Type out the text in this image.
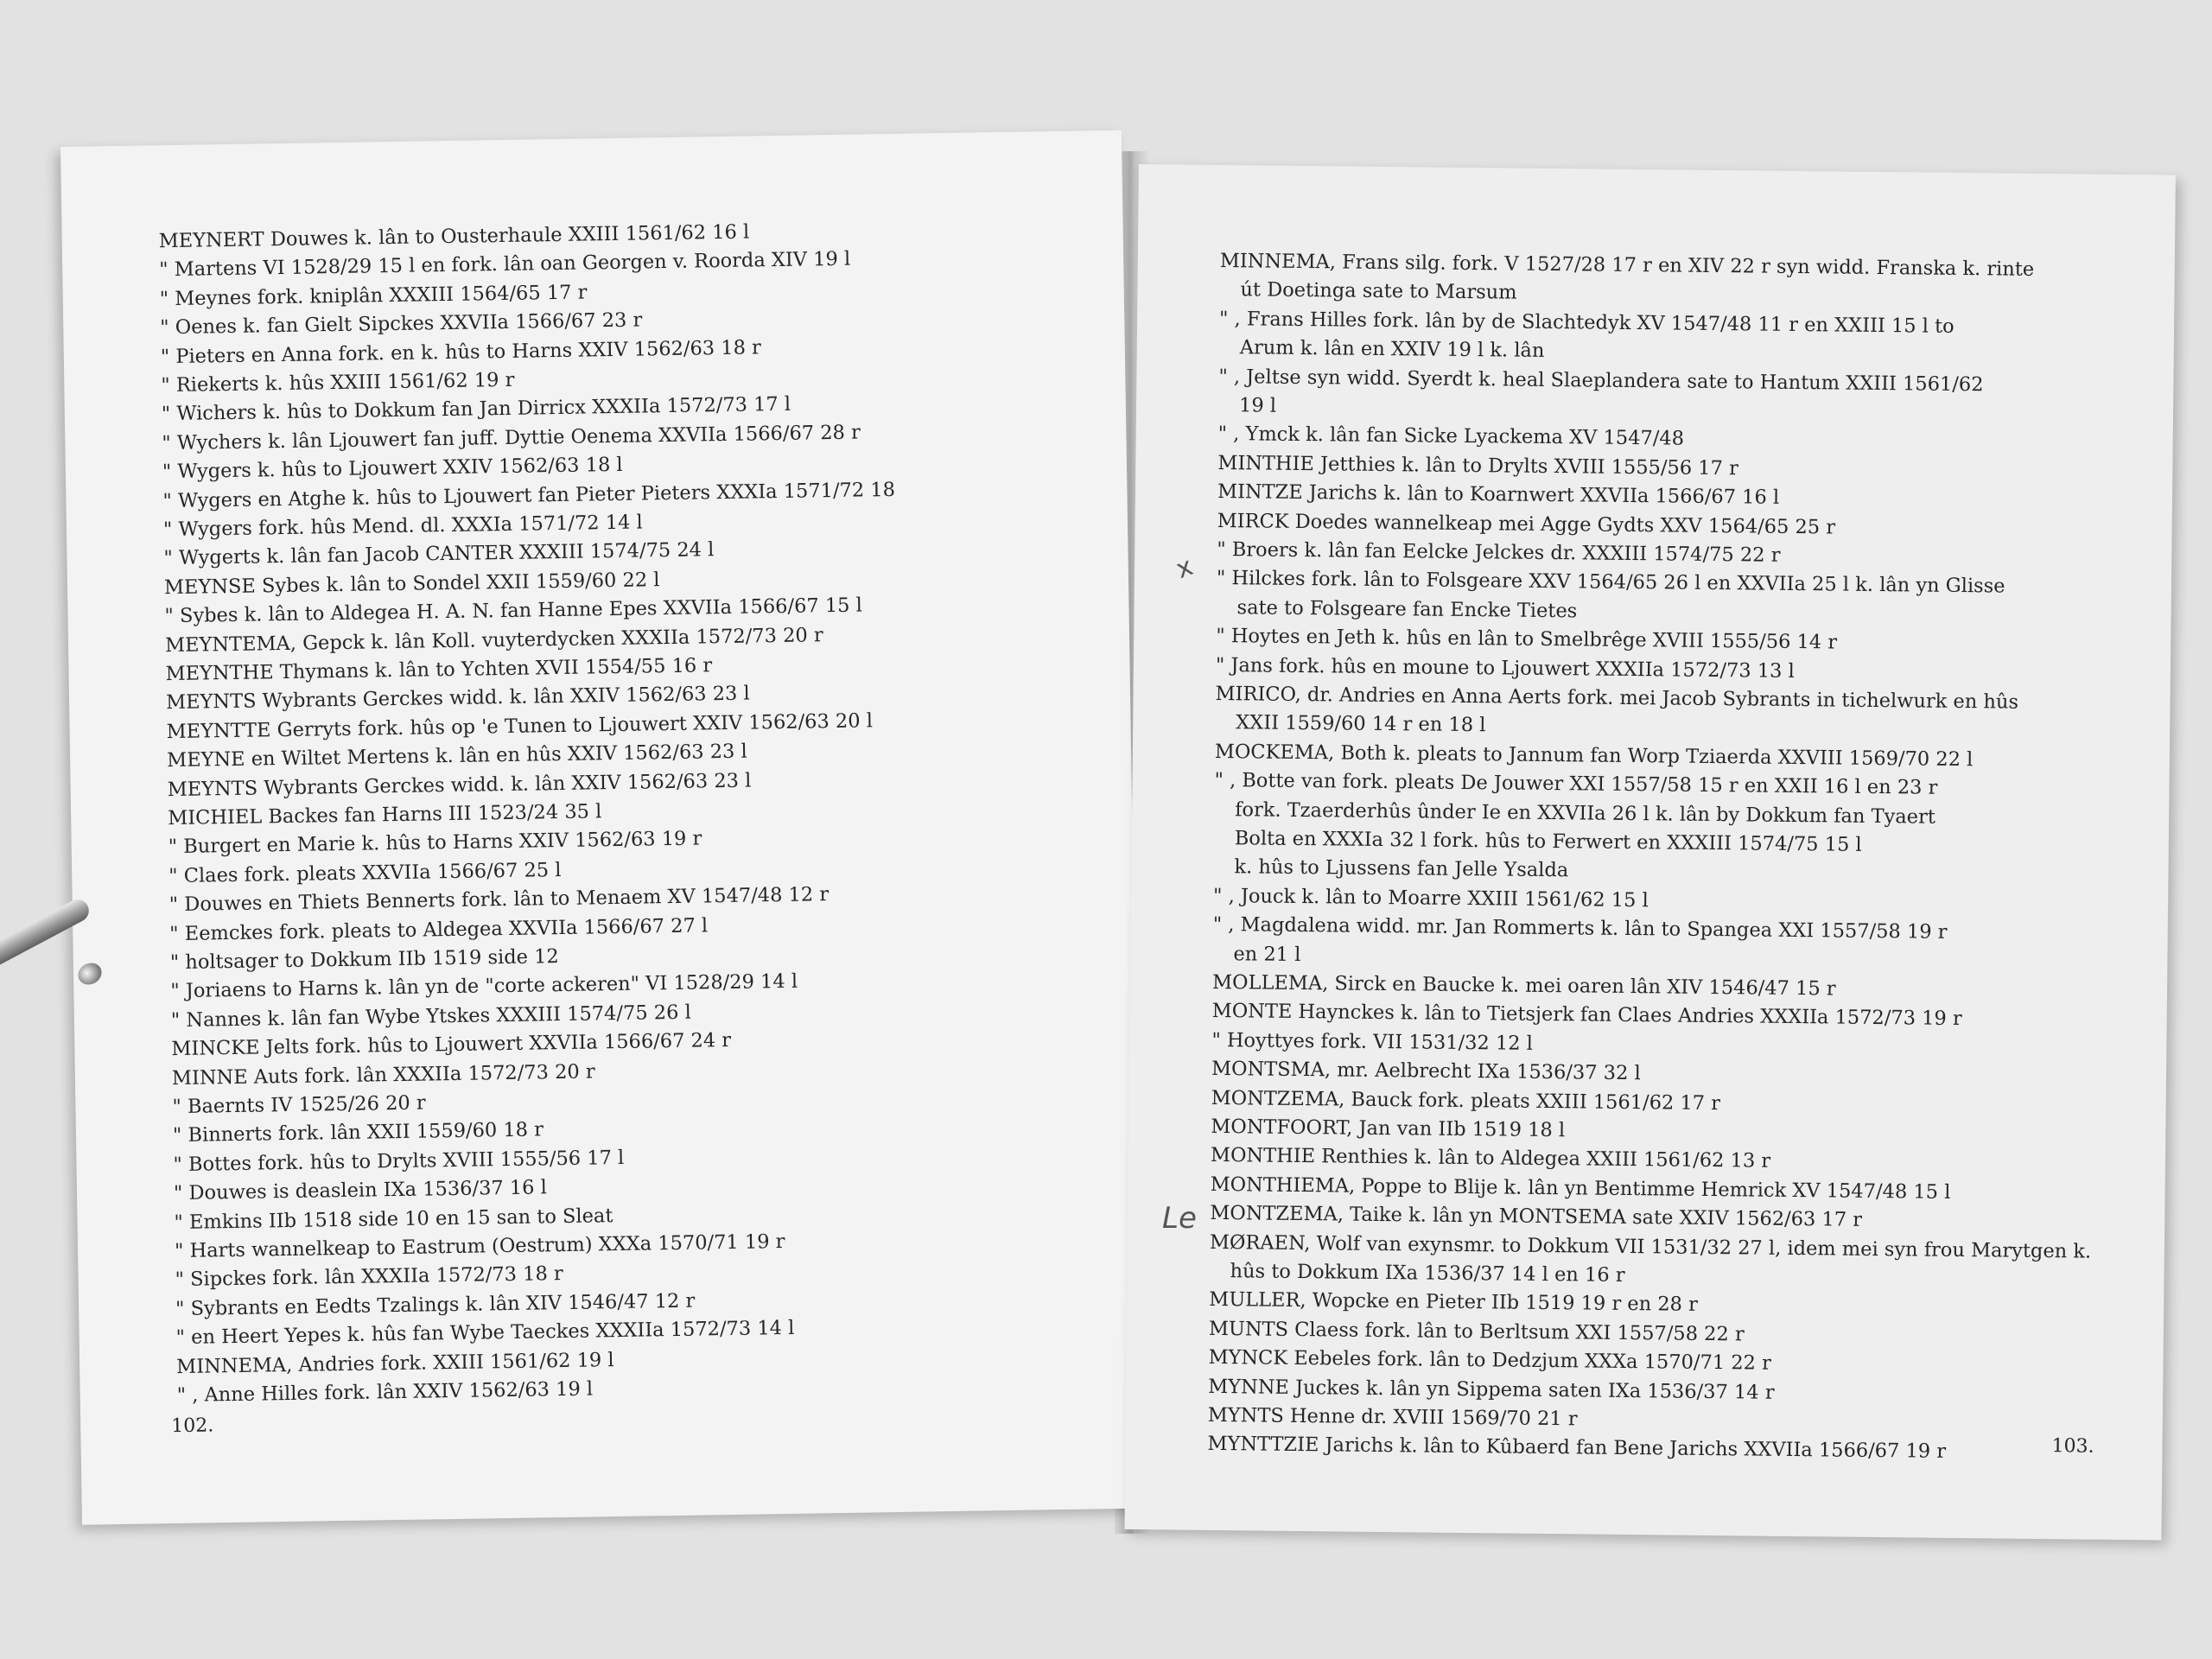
MEYNERT Douwes k. lân to Ousterhaule XXIII 1561/62 16 l
" Martens VI 1528/29 15 l en fork. lân oan Georgen v. Roorda XIV 19 l
" Meynes fork. kniplân XXXIII 1564/65 17 r
" Oenes k. fan Gielt Sipckes XXVIIa 1566/67 23 r
" Pieters en Anna fork. en k. hûs to Harns XXIV 1562/63 18 r
" Riekerts k. hûs XXIII 1561/62 19 r
" Wichers k. hûs to Dokkum fan Jan Dirricx XXXIIa 1572/73 17 l
" Wychers k. lân Ljouwert fan juff. Dyttie Oenema XXVIIa 1566/67 28 r
" Wygers k. hûs to Ljouwert XXIV 1562/63 18 l
" Wygers en Atghe k. hûs to Ljouwert fan Pieter Pieters XXXIa 1571/72 18
" Wygers fork. hûs Mend. dl. XXXIa 1571/72 14 l
" Wygerts k. lân fan Jacob CANTER XXXIII 1574/75 24 l
MEYNSE Sybes k. lân to Sondel XXII 1559/60 22 l
" Sybes k. lân to Aldegea H. A. N. fan Hanne Epes XXVIIa 1566/67 15 l
MEYNTEMA, Gepck k. lân Koll. vuyterdycken XXXIIa 1572/73 20 r
MEYNTHE Thymans k. lân to Ychten XVII 1554/55 16 r
MEYNTS Wybrants Gerckes widd. k. lân XXIV 1562/63 23 l
MEYNTTE Gerryts fork. hûs op 'e Tunen to Ljouwert XXIV 1562/63 20 l
MEYNE en Wiltet Mertens k. lân en hûs XXIV 1562/63 23 l
MEYNTS Wybrants Gerckes widd. k. lân XXIV 1562/63 23 l
MICHIEL Backes fan Harns III 1523/24 35 l
" Burgert en Marie k. hûs to Harns XXIV 1562/63 19 r
" Claes fork. pleats XXVIIa 1566/67 25 l
" Douwes en Thiets Bennerts fork. lân to Menaem XV 1547/48 12 r
" Eemckes fork. pleats to Aldegea XXVIIa 1566/67 27 l
" holtsager to Dokkum IIb 1519 side 12
" Joriaens to Harns k. lân yn de "corte ackeren" VI 1528/29 14 l
" Nannes k. lân fan Wybe Ytskes XXXIII 1574/75 26 l
MINCKE Jelts fork. hûs to Ljouwert XXVIIa 1566/67 24 r
MINNE Auts fork. lân XXXIIa 1572/73 20 r
" Baernts IV 1525/26 20 r
" Binnerts fork. lân XXII 1559/60 18 r
" Bottes fork. hûs to Drylts XVIII 1555/56 17 l
" Douwes is deaslein IXa 1536/37 16 l
" Emkins IIb 1518 side 10 en 15 san to Sleat
" Harts wannelkeap to Eastrum (Oestrum) XXXa 1570/71 19 r
" Sipckes fork. lân XXXIIa 1572/73 18 r
" Sybrants en Eedts Tzalings k. lân XIV 1546/47 12 r
" en Heert Yepes k. hûs fan Wybe Taeckes XXXIIa 1572/73 14 l
MINNEMA, Andries fork. XXIII 1561/62 19 l
" , Anne Hilles fork. lân XXIV 1562/63 19 l
102.
MINNEMA, Frans silg. fork. V 1527/28 17 r en XIV 22 r syn widd. Franska k. rinte
út Doetinga sate to Marsum
" , Frans Hilles fork. lân by de Slachtedyk XV 1547/48 11 r en XXIII 15 l to
Arum k. lân en XXIV 19 l k. lân
" , Jeltse syn widd. Syerdt k. heal Slaeplandera sate to Hantum XXIII 1561/62
19 l
" , Ymck k. lân fan Sicke Lyackema XV 1547/48
MINTHIE Jetthies k. lân to Drylts XVIII 1555/56 17 r
MINTZE Jarichs k. lân to Koarnwert XXVIIa 1566/67 16 l
MIRCK Doedes wannelkeap mei Agge Gydts XXV 1564/65 25 r
" Broers k. lân fan Eelcke Jelckes dr. XXXIII 1574/75 22 r
" Hilckes fork. lân to Folsgeare XXV 1564/65 26 l en XXVIIa 25 l k. lân yn Glisse
sate to Folsgeare fan Encke Tietes
" Hoytes en Jeth k. hûs en lân to Smelbrêge XVIII 1555/56 14 r
" Jans fork. hûs en moune to Ljouwert XXXIIa 1572/73 13 l
MIRICO, dr. Andries en Anna Aerts fork. mei Jacob Sybrants in tichelwurk en hûs
XXII 1559/60 14 r en 18 l
MOCKEMA, Both k. pleats to Jannum fan Worp Tziaerda XXVIII 1569/70 22 l
" , Botte van fork. pleats De Jouwer XXI 1557/58 15 r en XXII 16 l en 23 r
fork. Tzaerderhûs ûnder Ie en XXVIIa 26 l k. lân by Dokkum fan Tyaert
Bolta en XXXIa 32 l fork. hûs to Ferwert en XXXIII 1574/75 15 l
k. hûs to Ljussens fan Jelle Ysalda
" , Jouck k. lân to Moarre XXIII 1561/62 15 l
" , Magdalena widd. mr. Jan Rommerts k. lân to Spangea XXI 1557/58 19 r
en 21 l
MOLLEMA, Sirck en Baucke k. mei oaren lân XIV 1546/47 15 r
MONTE Haynckes k. lân to Tietsjerk fan Claes Andries XXXIIa 1572/73 19 r
" Hoyttyes fork. VII 1531/32 12 l
MONTSMA, mr. Aelbrecht IXa 1536/37 32 l
MONTZEMA, Bauck fork. pleats XXIII 1561/62 17 r
MONTFOORT, Jan van IIb 1519 18 l
MONTHIE Renthies k. lân to Aldegea XXIII 1561/62 13 r
MONTHIEMA, Poppe to Blije k. lân yn Bentimme Hemrick XV 1547/48 15 l
MONTZEMA, Taike k. lân yn MONTSEMA sate XXIV 1562/63 17 r
MØRAEN, Wolf van exynsmr. to Dokkum VII 1531/32 27 l, idem mei syn frou Marytgen k.
hûs to Dokkum IXa 1536/37 14 l en 16 r
MULLER, Wopcke en Pieter IIb 1519 19 r en 28 r
MUNTS Claess fork. lân to Berltsum XXI 1557/58 22 r
MYNCK Eebeles fork. lân to Dedzjum XXXa 1570/71 22 r
MYNNE Juckes k. lân yn Sippema saten IXa 1536/37 14 r
MYNTS Henne dr. XVIII 1569/70 21 r
MYNTTZIE Jarichs k. lân to Kûbaerd fan Bene Jarichs XXVIIa 1566/67 19 r	103.
x
Le
